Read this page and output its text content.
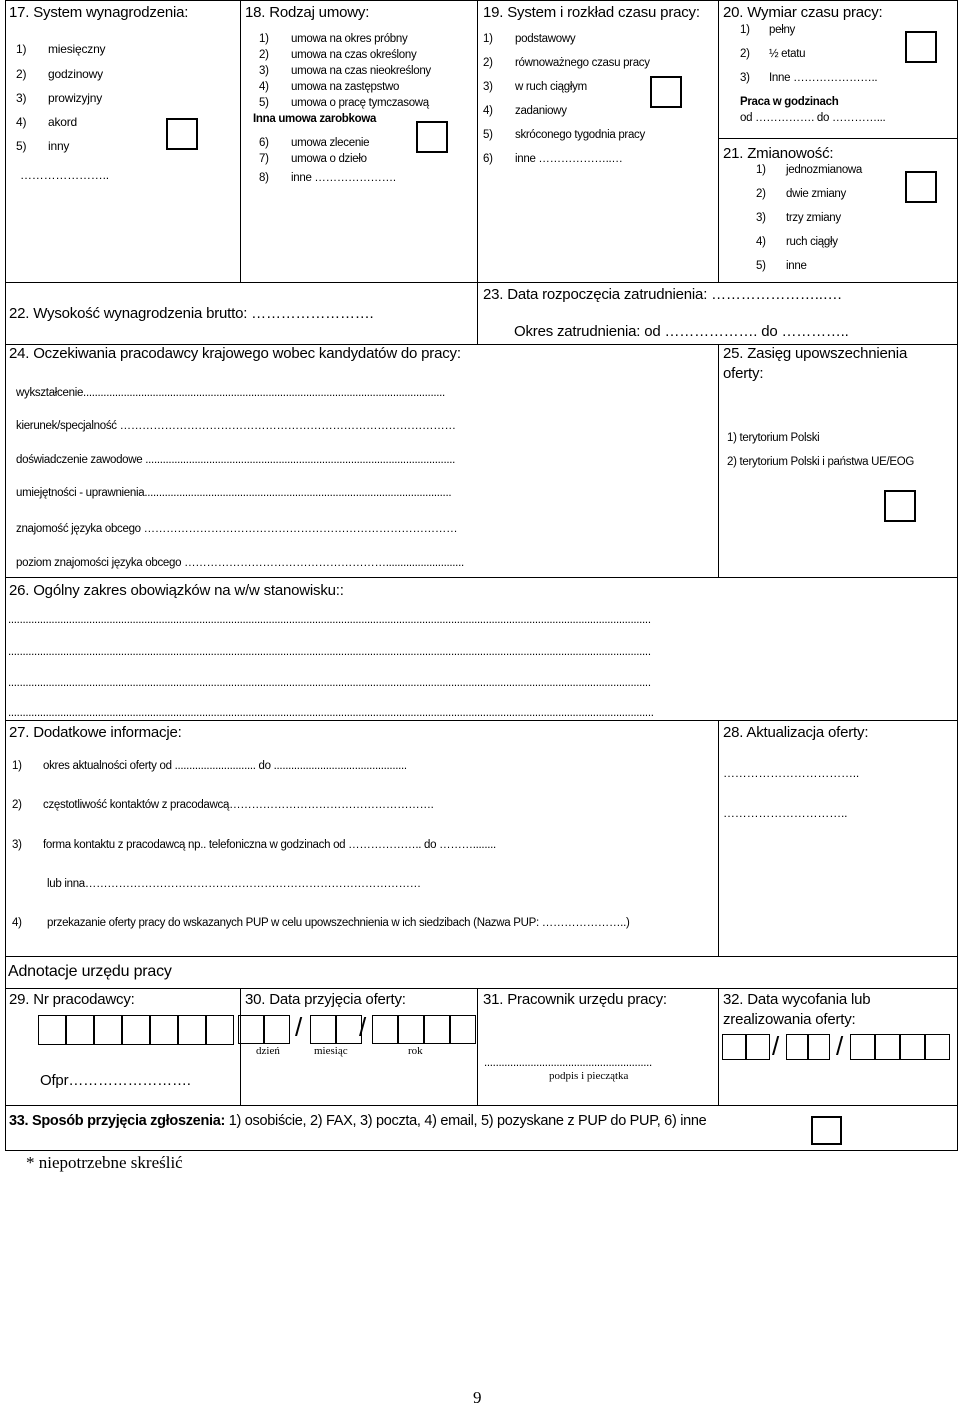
17. System wynagrodzenia:
1) miesięczny
2) godzinowy
3) prowizyjny
4) akord
5) inny
…………………..
18. Rodzaj umowy:
1) umowa na okres próbny
2) umowa na czas określony
3) umowa na czas nieokreślony
4) umowa na zastępstwo
5) umowa o pracę tymczasową
Inna umowa zarobkowa
6) umowa zlecenie
7) umowa o dzieło
8) inne ………………….
19. System i rozkład czasu pracy:
1) podstawowy
2) równoważnego czasu pracy
3) w ruch ciągłym
4) zadaniowy
5) skróconego tygodnia pracy
6) inne ………………..…
20. Wymiar czasu pracy:
1) pełny
2) ½ etatu
3) Inne …………………..
Praca w godzinach
od ……………. do …………...
21. Zmianowość:
1) jednozmianowa
2) dwie zmiany
3) trzy zmiany
4) ruch ciągły
5) inne
22. Wysokość wynagrodzenia brutto: …………………….
23. Data rozpoczęcia zatrudnienia: …………………..….
Okres zatrudnienia: od ………………. do …………..
24. Oczekiwania pracodawcy krajowego wobec kandydatów do pracy:
wykształcenie.............................................................................................................................
kierunek/specjalność ………………………………………………………………………………
doświadczenie zawodowe ...........................................................................................................
umiejętności - uprawnienia..........................................................................................................
znajomość języka obcego …………………………………………………………………………
poziom znajomości języka obcego ………………………………………………...........................
25. Zasięg upowszechnienia
oferty:
1) terytorium Polski
2) terytorium Polski i państwa UE/EOG
26. Ogólny zakres obowiązków na w/w stanowisku::
..............................................................................................................................................................................................................................
..............................................................................................................................................................................................................................
..............................................................................................................................................................................................................................
...............................................................................................................................................................................................................................
27. Dodatkowe informacje:
1) okres aktualności oferty od ............................ do ..............................................
2) częstotliwość kontaktów z pracodawcą……………………………………………….
3) forma kontaktu z pracodawcą np.. telefoniczna w godzinach od ……………….. do ………........
lub inna………………………………………………………………………………
4) przekazanie oferty pracy do wskazanych PUP w celu upowszechnienia w ich siedzibach (Nazwa PUP: …………………..)
28. Aktualizacja oferty:
……………………………..
…………………………..
Adnotacje urzędu pracy
29. Nr pracodawcy:
Ofpr…………………….
30. Data przyjęcia oferty:
/ /
dzień	miesiąc	rok
31. Pracownik urzędu pracy:
..........................................................
podpis i pieczątka
32. Data wycofania lub
zrealizowania oferty:
/ /
33. Sposób przyjęcia zgłoszenia: 1) osobiście, 2) FAX, 3) poczta, 4) email, 5) pozyskane z PUP do PUP, 6) inne
* niepotrzebne skreślić
9
